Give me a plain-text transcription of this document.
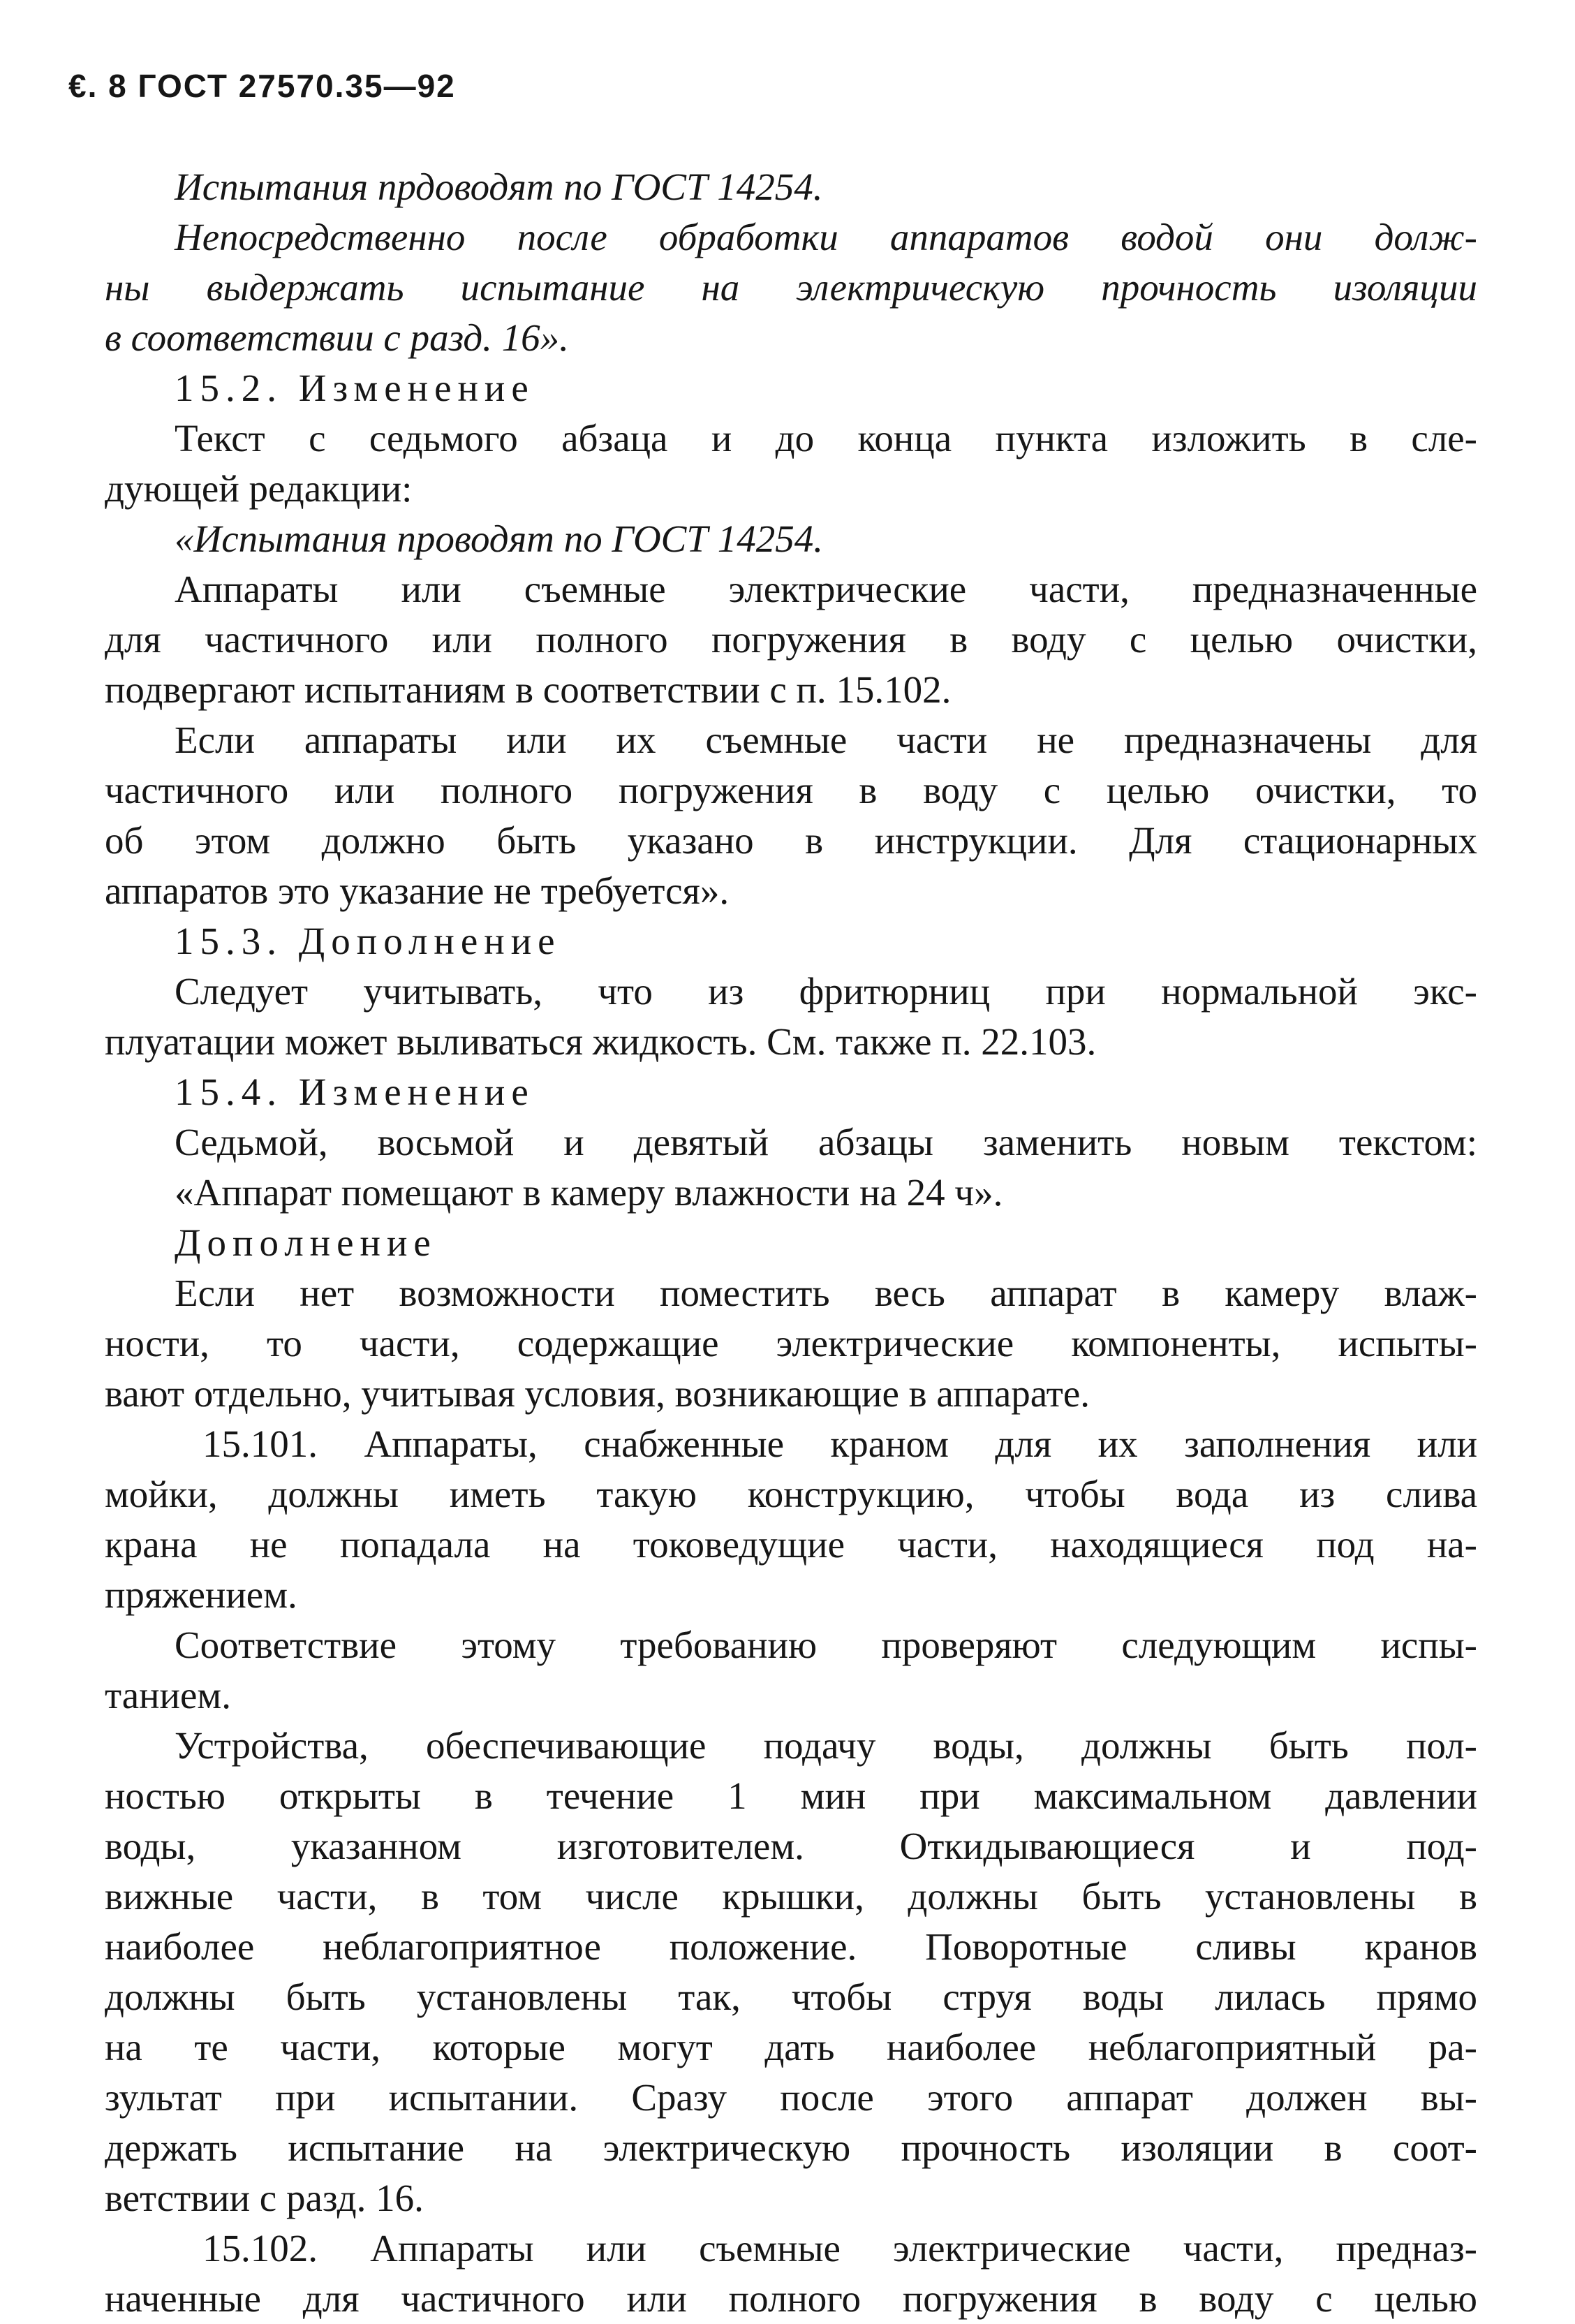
€. 8 ГОСТ 27570.35—92
Испытания прдоводят по ГОСТ 14254.
Непосредственно после обработки аппаратов водой они долж-
ны выдержать испытание на электрическую прочность изоляции
в соответствии с разд. 16».
15.2. Изменение
Текст с седьмого абзаца и до конца пункта изложить в сле-
дующей редакции:
«Испытания проводят по ГОСТ 14254.
Аппараты или съемные электрические части, предназначенные
для частичного или полного погружения в воду с целью очистки,
подвергают испытаниям в соответствии с п. 15.102.
Если аппараты или их съемные части не предназначены для
частичного или полного погружения в воду с целью очистки, то
об этом должно быть указано в инструкции. Для стационарных
аппаратов это указание не требуется».
15.3. Дополнение
Следует учитывать, что из фритюрниц при нормальной экс-
плуатации может выливаться жидкость. См. также п. 22.103.
15.4. Изменение
Седьмой, восьмой и девятый абзацы заменить новым текстом:
«Аппарат помещают в камеру влажности на 24 ч».
Дополнение
Если нет возможности поместить весь аппарат в камеру влаж-
ности, то части, содержащие электрические компоненты, испыты-
вают отдельно, учитывая условия, возникающие в аппарате.
15.101. Аппараты, снабженные краном для их заполнения или
мойки, должны иметь такую конструкцию, чтобы вода из слива
крана не попадала на токоведущие части, находящиеся под на-
пряжением.
Соответствие этому требованию проверяют следующим испы-
танием.
Устройства, обеспечивающие подачу воды, должны быть пол-
ностью открыты в течение 1 мин при максимальном давлении
воды, указанном изготовителем. Откидывающиеся и под-
вижные части, в том числе крышки, должны быть установлены в
наиболее неблагоприятное положение. Поворотные сливы кранов
должны быть установлены так, чтобы струя воды лилась прямо
на те части, которые могут дать наиболее неблагоприятный ра-
зультат при испытании. Сразу после этого аппарат должен вы-
держать испытание на электрическую прочность изоляции в соот-
ветствии с разд. 16.
15.102. Аппараты или съемные электрические части, предназ-
наченные для частичного или полного погружения в воду с целью
